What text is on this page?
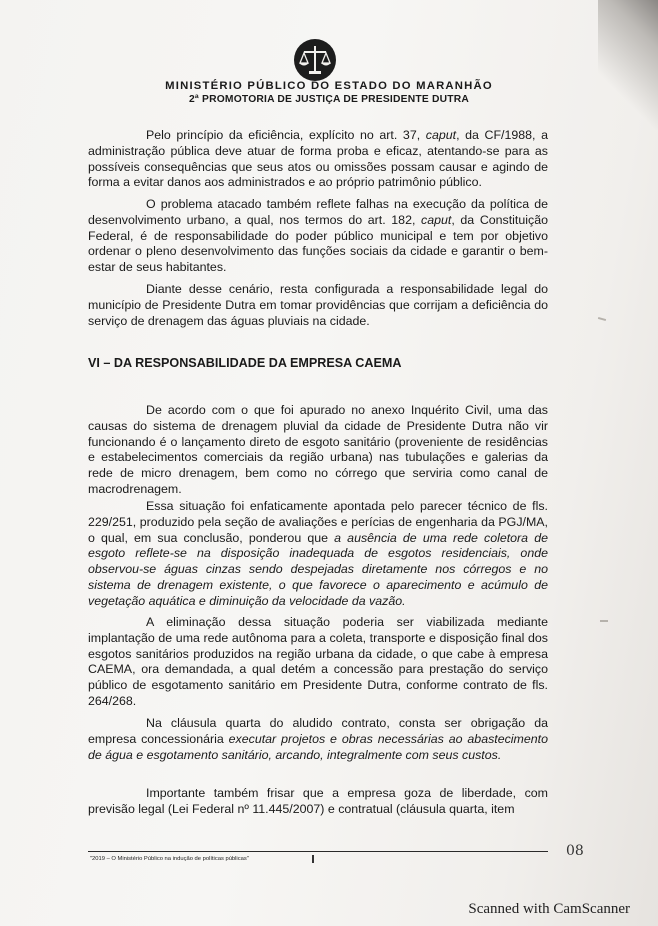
MINISTÉRIO PÚBLICO DO ESTADO DO MARANHÃO
2ª PROMOTORIA DE JUSTIÇA DE PRESIDENTE DUTRA

Pelo princípio da eficiência, explícito no art. 37, caput, da CF/1988, a administração pública deve atuar de forma proba e eficaz, atentando-se para as possíveis consequências que seus atos ou omissões possam causar e agindo de forma a evitar danos aos administrados e ao próprio patrimônio público.

O problema atacado também reflete falhas na execução da política de desenvolvimento urbano, a qual, nos termos do art. 182, caput, da Constituição Federal, é de responsabilidade do poder público municipal e tem por objetivo ordenar o pleno desenvolvimento das funções sociais da cidade e garantir o bem-estar de seus habitantes.

Diante desse cenário, resta configurada a responsabilidade legal do município de Presidente Dutra em tomar providências que corrijam a deficiência do serviço de drenagem das águas pluviais na cidade.

VI – DA RESPONSABILIDADE DA EMPRESA CAEMA

De acordo com o que foi apurado no anexo Inquérito Civil, uma das causas do sistema de drenagem pluvial da cidade de Presidente Dutra não vir funcionando é o lançamento direto de esgoto sanitário (proveniente de residências e estabelecimentos comerciais da região urbana) nas tubulações e galerias da rede de micro drenagem, bem como no córrego que serviria como canal de macrodrenagem.

Essa situação foi enfaticamente apontada pelo parecer técnico de fls. 229/251, produzido pela seção de avaliações e perícias de engenharia da PGJ/MA, o qual, em sua conclusão, ponderou que a ausência de uma rede coletora de esgoto reflete-se na disposição inadequada de esgotos residenciais, onde observou-se águas cinzas sendo despejadas diretamente nos córregos e no sistema de drenagem existente, o que favorece o aparecimento e acúmulo de vegetação aquática e diminuição da velocidade da vazão.

A eliminação dessa situação poderia ser viabilizada mediante implantação de uma rede autônoma para a coleta, transporte e disposição final dos esgotos sanitários produzidos na região urbana da cidade, o que cabe à empresa CAEMA, ora demandada, a qual detém a concessão para prestação do serviço público de esgotamento sanitário em Presidente Dutra, conforme contrato de fls. 264/268.

Na cláusula quarta do aludido contrato, consta ser obrigação da empresa concessionária executar projetos e obras necessárias ao abastecimento de água e esgotamento sanitário, arcando, integralmente com seus custos.

Importante também frisar que a empresa goza de liberdade, com previsão legal (Lei Federal nº 11.445/2007) e contratual (cláusula quarta, item

"2019 – O Ministério Público na indução de políticas públicas"	08
Scanned with CamScanner
